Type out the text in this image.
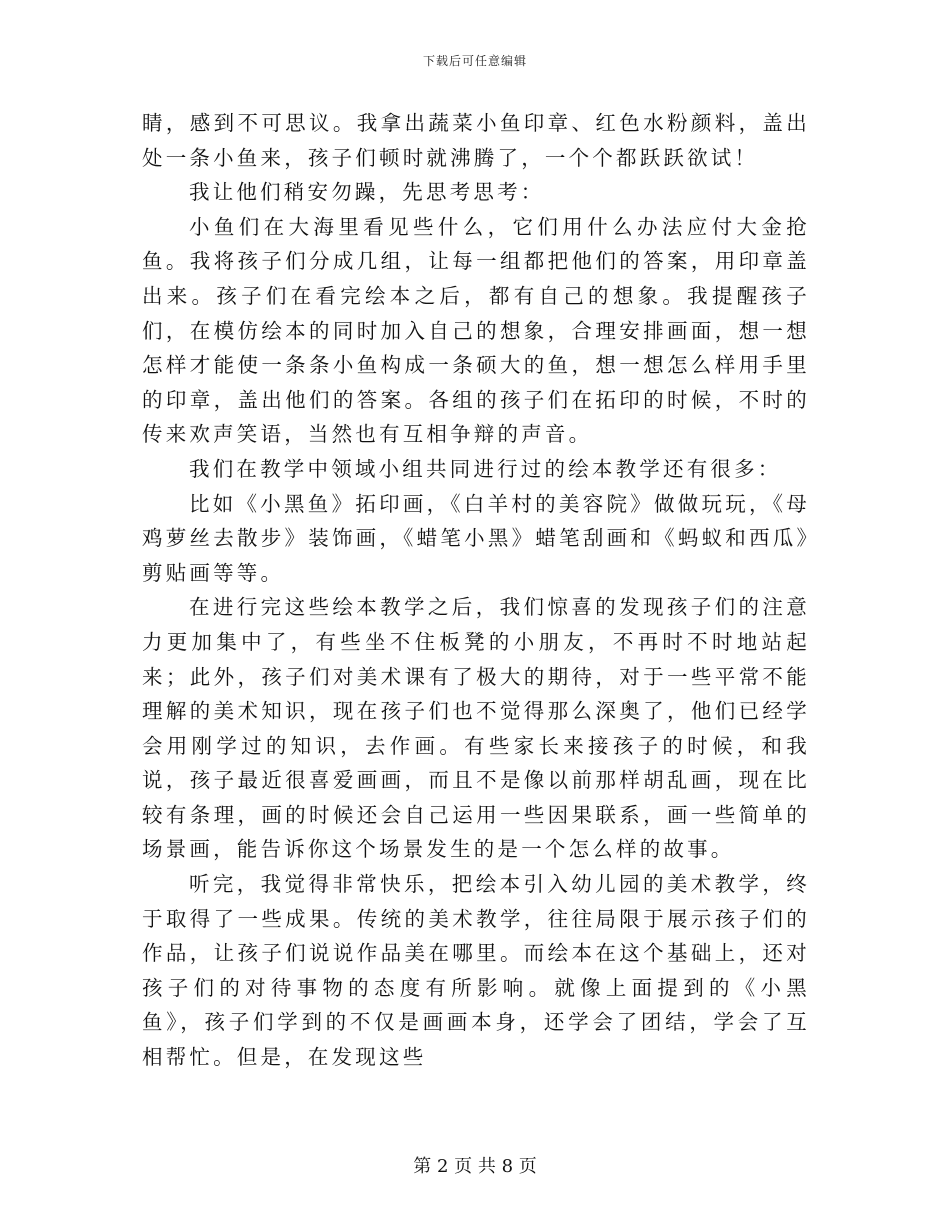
下载后可任意编辑

睛，感到不可思议。我拿出蔬菜小鱼印章、红色水粉颜料，盖出处一条小鱼来，孩子们顿时就沸腾了，一个个都跃跃欲试！

我让他们稍安勿躁，先思考思考：

小鱼们在大海里看见些什么，它们用什么办法应付大金抢鱼。我将孩子们分成几组，让每一组都把他们的答案，用印章盖出来。孩子们在看完绘本之后，都有自己的想象。我提醒孩子们，在模仿绘本的同时加入自己的想象，合理安排画面，想一想怎样才能使一条条小鱼构成一条硕大的鱼，想一想怎么样用手里的印章，盖出他们的答案。各组的孩子们在拓印的时候，不时的传来欢声笑语，当然也有互相争辩的声音。

我们在教学中领域小组共同进行过的绘本教学还有很多：

比如《小黑鱼》拓印画，《白羊村的美容院》做做玩玩，《母鸡萝丝去散步》装饰画，《蜡笔小黑》蜡笔刮画和《蚂蚁和西瓜》剪贴画等等。

在进行完这些绘本教学之后，我们惊喜的发现孩子们的注意力更加集中了，有些坐不住板凳的小朋友，不再时不时地站起来；此外，孩子们对美术课有了极大的期待，对于一些平常不能理解的美术知识，现在孩子们也不觉得那么深奥了，他们已经学会用刚学过的知识，去作画。有些家长来接孩子的时候，和我说，孩子最近很喜爱画画，而且不是像以前那样胡乱画，现在比较有条理，画的时候还会自己运用一些因果联系，画一些简单的场景画，能告诉你这个场景发生的是一个怎么样的故事。

听完，我觉得非常快乐，把绘本引入幼儿园的美术教学，终于取得了一些成果。传统的美术教学，往往局限于展示孩子们的作品，让孩子们说说作品美在哪里。而绘本在这个基础上，还对孩子们的对待事物的态度有所影响。就像上面提到的《小黑鱼》，孩子们学到的不仅是画画本身，还学会了团结，学会了互相帮忙。但是，在发现这些

第 2 页 共 8 页
